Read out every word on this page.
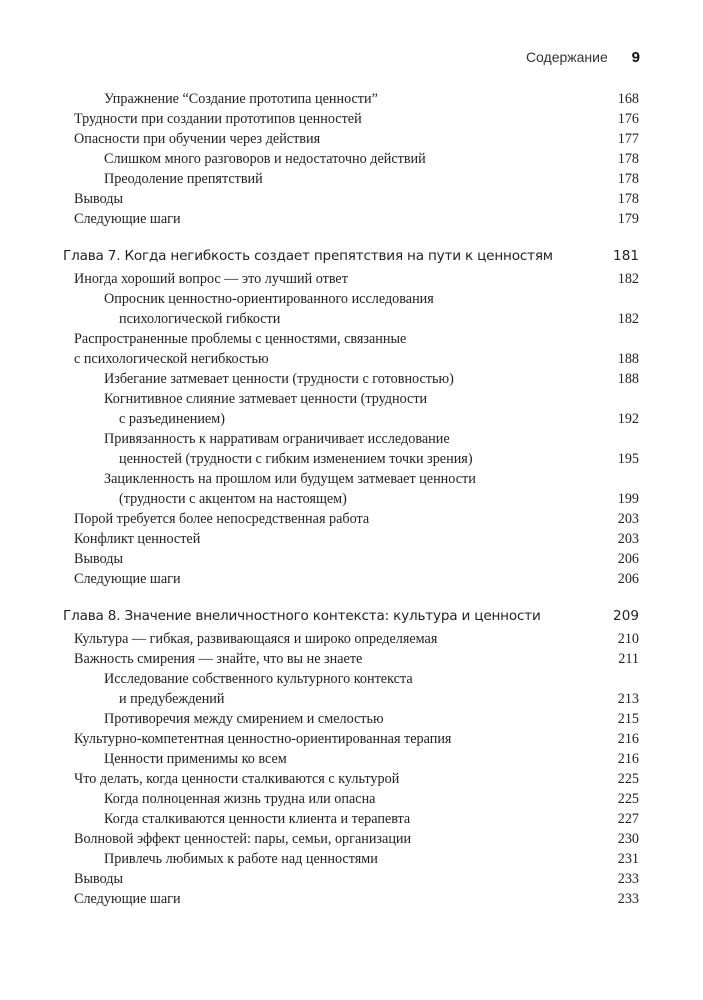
Содержание 9
Упражнение “Создание прототипа ценности”	168
Трудности при создании прототипов ценностей	176
Опасности при обучении через действия	177
Слишком много разговоров и недостаточно действий	178
Преодоление препятствий	178
Выводы	178
Следующие шаги	179
Глава 7. Когда негибкость создает препятствия на пути к ценностям	181
Иногда хороший вопрос — это лучший ответ	182
Опросник ценностно-ориентированного исследования
психологической гибкости	182
Распространенные проблемы с ценностями, связанные
с психологической негибкостью	188
Избегание затмевает ценности (трудности с готовностью)	188
Когнитивное слияние затмевает ценности (трудности
с разъединением)	192
Привязанность к нарративам ограничивает исследование
ценностей (трудности с гибким изменением точки зрения)	195
Зацикленность на прошлом или будущем затмевает ценности
(трудности с акцентом на настоящем)	199
Порой требуется более непосредственная работа	203
Конфликт ценностей	203
Выводы	206
Следующие шаги	206
Глава 8. Значение внеличностного контекста: культура и ценности	209
Культура — гибкая, развивающаяся и широко определяемая	210
Важность смирения — знайте, что вы не знаете	211
Исследование собственного культурного контекста
и предубеждений	213
Противоречия между смирением и смелостью	215
Культурно-компетентная ценностно-ориентированная терапия	216
Ценности применимы ко всем	216
Что делать, когда ценности сталкиваются с культурой	225
Когда полноценная жизнь трудна или опасна	225
Когда сталкиваются ценности клиента и терапевта	227
Волновой эффект ценностей: пары, семьи, организации	230
Привлечь любимых к работе над ценностями	231
Выводы	233
Следующие шаги	233
